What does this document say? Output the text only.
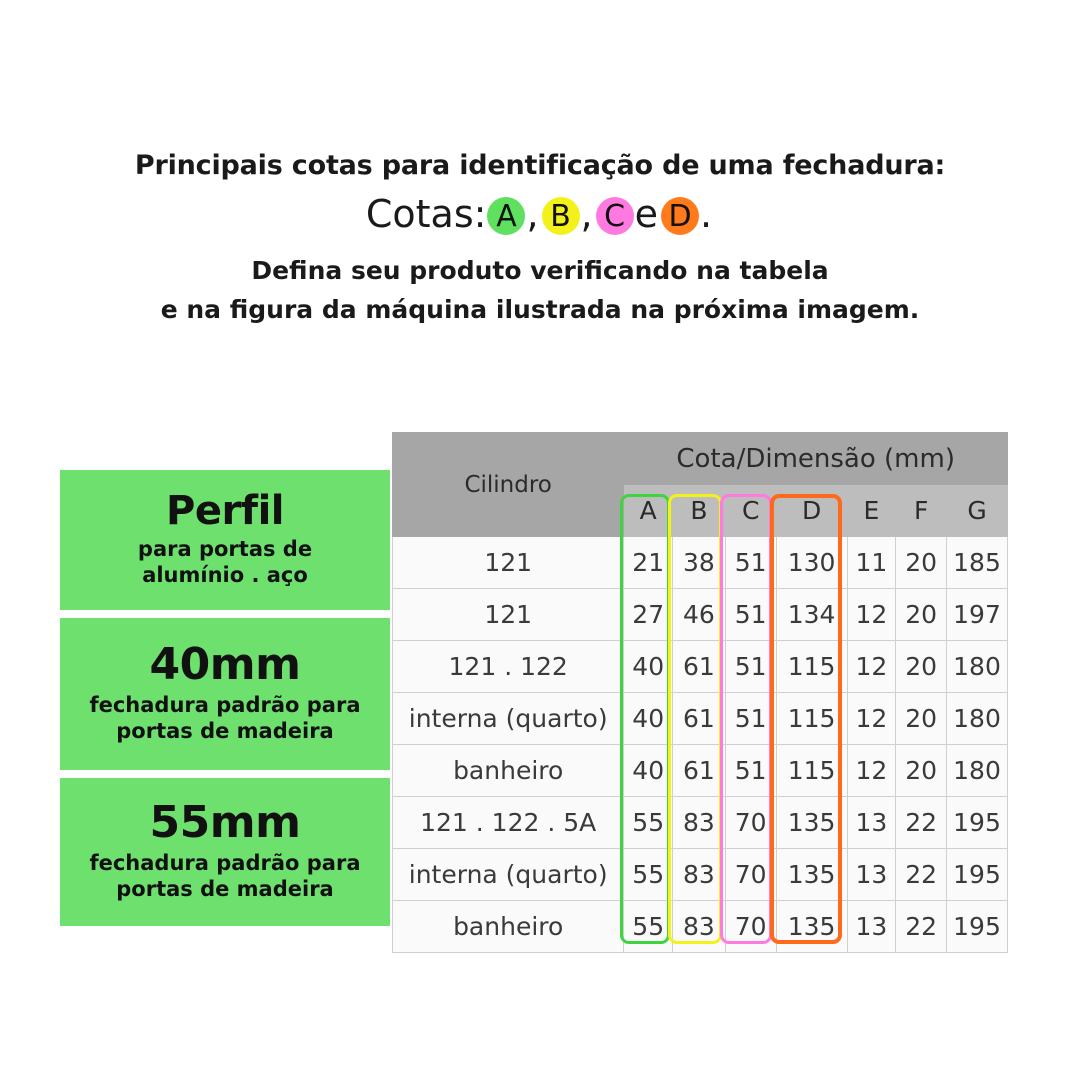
Principais cotas para identificação de uma fechadura:
Cotas: A , B , C e D .
Defina seu produto verificando na tabela
e na figura da máquina ilustrada na próxima imagem.
Perfil
para portas de
alumínio . aço
40mm
fechadura padrão para
portas de madeira
55mm
fechadura padrão para
portas de madeira
Cilindro	Cota/Dimensão (mm)						
	A	B	C	D	E	F	G
121	21	38	51	130	11	20	185
121	27	46	51	134	12	20	197
121 . 122	40	61	51	115	12	20	180
interna (quarto)	40	61	51	115	12	20	180
banheiro	40	61	51	115	12	20	180
121 . 122 . 5A	55	83	70	135	13	22	195
interna (quarto)	55	83	70	135	13	22	195
banheiro	55	83	70	135	13	22	195
